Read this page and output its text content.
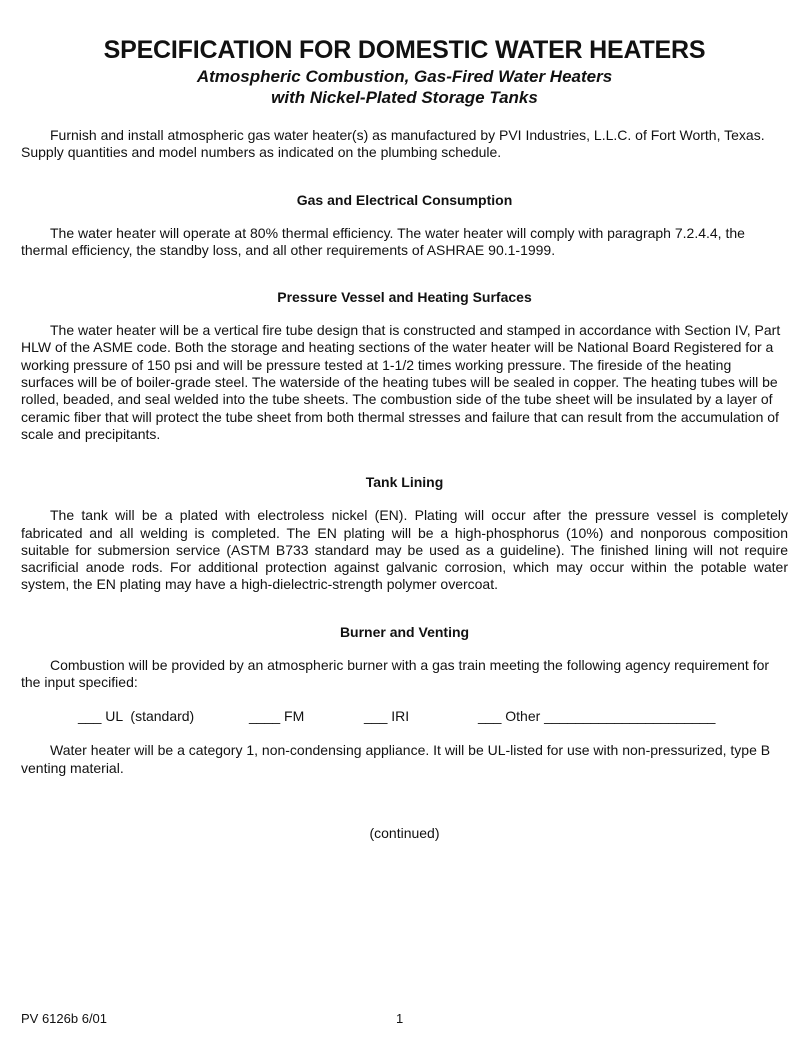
SPECIFICATION FOR DOMESTIC WATER HEATERS
Atmospheric Combustion, Gas-Fired Water Heaters
with Nickel-Plated Storage Tanks

Furnish and install atmospheric gas water heater(s) as manufactured by PVI Industries, L.L.C. of Fort Worth, Texas. Supply quantities and model numbers as indicated on the plumbing schedule.

Gas and Electrical Consumption

The water heater will operate at 80% thermal efficiency. The water heater will comply with paragraph 7.2.4.4, the thermal efficiency, the standby loss, and all other requirements of ASHRAE 90.1-1999.

Pressure Vessel and Heating Surfaces

The water heater will be a vertical fire tube design that is constructed and stamped in accordance with Section IV, Part HLW of the ASME code. Both the storage and heating sections of the water heater will be National Board Registered for a working pressure of 150 psi and will be pressure tested at 1-1/2 times working pressure. The fireside of the heating surfaces will be of boiler-grade steel. The waterside of the heating tubes will be sealed in copper. The heating tubes will be rolled, beaded, and seal welded into the tube sheets. The combustion side of the tube sheet will be insulated by a layer of ceramic fiber that will protect the tube sheet from both thermal stresses and failure that can result from the accumulation of scale and precipitants.

Tank Lining

The tank will be a plated with electroless nickel (EN). Plating will occur after the pressure vessel is completely fabricated and all welding is completed. The EN plating will be a high-phosphorus (10%) and nonporous composition suitable for submersion service (ASTM B733 standard may be used as a guideline). The finished lining will not require sacrificial anode rods. For additional protection against galvanic corrosion, which may occur within the potable water system, the EN plating may have a high-dielectric-strength polymer overcoat.

Burner and Venting

Combustion will be provided by an atmospheric burner with a gas train meeting the following agency requirement for the input specified:

___ UL  (standard)	____ FM	___ IRI	___ Other ______________________

Water heater will be a category 1, non-condensing appliance. It will be UL-listed for use with non-pressurized, type B venting material.

(continued)
PV 6126b 6/01	1
